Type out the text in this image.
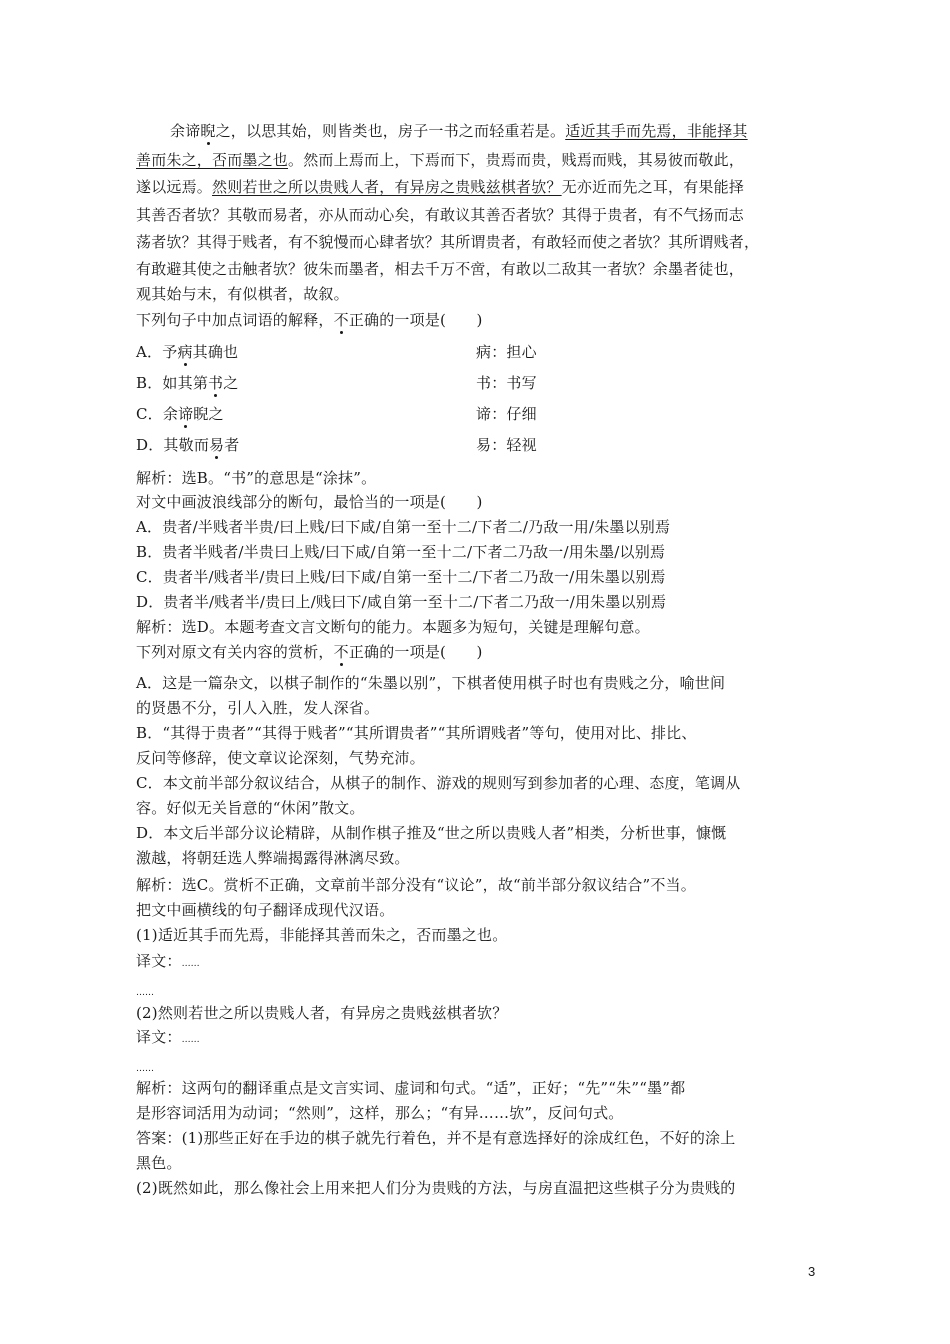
余谛睨之，以思其始，则皆类也，房子一书之而轻重若是。适近其手而先焉，非能择其
善而朱之，否而墨之也。然而上焉而上，下焉而下，贵焉而贵，贱焉而贱，其易彼而敬此，
遂以远焉。然则若世之所以贵贱人者，有异房之贵贱兹棋者欤？无亦近而先之耳，有果能择
其善否者欤？其敬而易者，亦从而动心矣，有敢议其善否者欤？其得于贵者，有不气扬而志
荡者欤？其得于贱者，有不貌慢而心肆者欤？其所谓贵者，有敢轻而使之者欤？其所谓贱者，
有敢避其使之击触者欤？彼朱而墨者，相去千万不啻，有敢以二敌其一者欤？余墨者徒也，
观其始与末，有似棋者，故叙。
下列句子中加点词语的解释，不正确的一项是(　　)
A．予病其确也	病：担心
B．如其第书之	书：书写
C．余谛睨之	谛：仔细
D．其敬而易者	易：轻视
解析：选B。“书”的意思是“涂抹”。
对文中画波浪线部分的断句，最恰当的一项是(　　)
A．贵者/半贱者半贵/曰上贱/曰下咸/自第一至十二/下者二/乃敌一用/朱墨以别焉
B．贵者半贱者/半贵曰上贱/曰下咸/自第一至十二/下者二乃敌一/用朱墨/以别焉
C．贵者半/贱者半/贵曰上贱/曰下咸/自第一至十二/下者二乃敌一/用朱墨以别焉
D．贵者半/贱者半/贵曰上/贱曰下/咸自第一至十二/下者二乃敌一/用朱墨以别焉
解析：选D。本题考查文言文断句的能力。本题多为短句，关键是理解句意。
下列对原文有关内容的赏析，不正确的一项是(　　)
A．这是一篇杂文，以棋子制作的“朱墨以别”，下棋者使用棋子时也有贵贱之分，喻世间
的贤愚不分，引人入胜，发人深省。
B．“其得于贵者”“其得于贱者”“其所谓贵者”“其所谓贱者”等句，使用对比、排比、
反问等修辞，使文章议论深刻，气势充沛。
C．本文前半部分叙议结合，从棋子的制作、游戏的规则写到参加者的心理、态度，笔调从
容。好似无关旨意的“休闲”散文。
D．本文后半部分议论精辟，从制作棋子推及“世之所以贵贱人者”相类，分析世事，慷慨
激越，将朝廷选人弊端揭露得淋漓尽致。
解析：选C。赏析不正确，文章前半部分没有“议论”，故“前半部分叙议结合”不当。
把文中画横线的句子翻译成现代汉语。
(1)适近其手而先焉，非能择其善而朱之，否而墨之也。
译文：……
……
(2)然则若世之所以贵贱人者，有异房之贵贱兹棋者欤？
译文：……
……
解析：这两句的翻译重点是文言实词、虚词和句式。“适”，正好；“先”“朱”“墨”都
是形容词活用为动词；“然则”，这样，那么；“有异……欤”，反问句式。
答案：(1)那些正好在手边的棋子就先行着色，并不是有意选择好的涂成红色，不好的涂上
黑色。
(2)既然如此，那么像社会上用来把人们分为贵贱的方法，与房直温把这些棋子分为贵贱的
3
